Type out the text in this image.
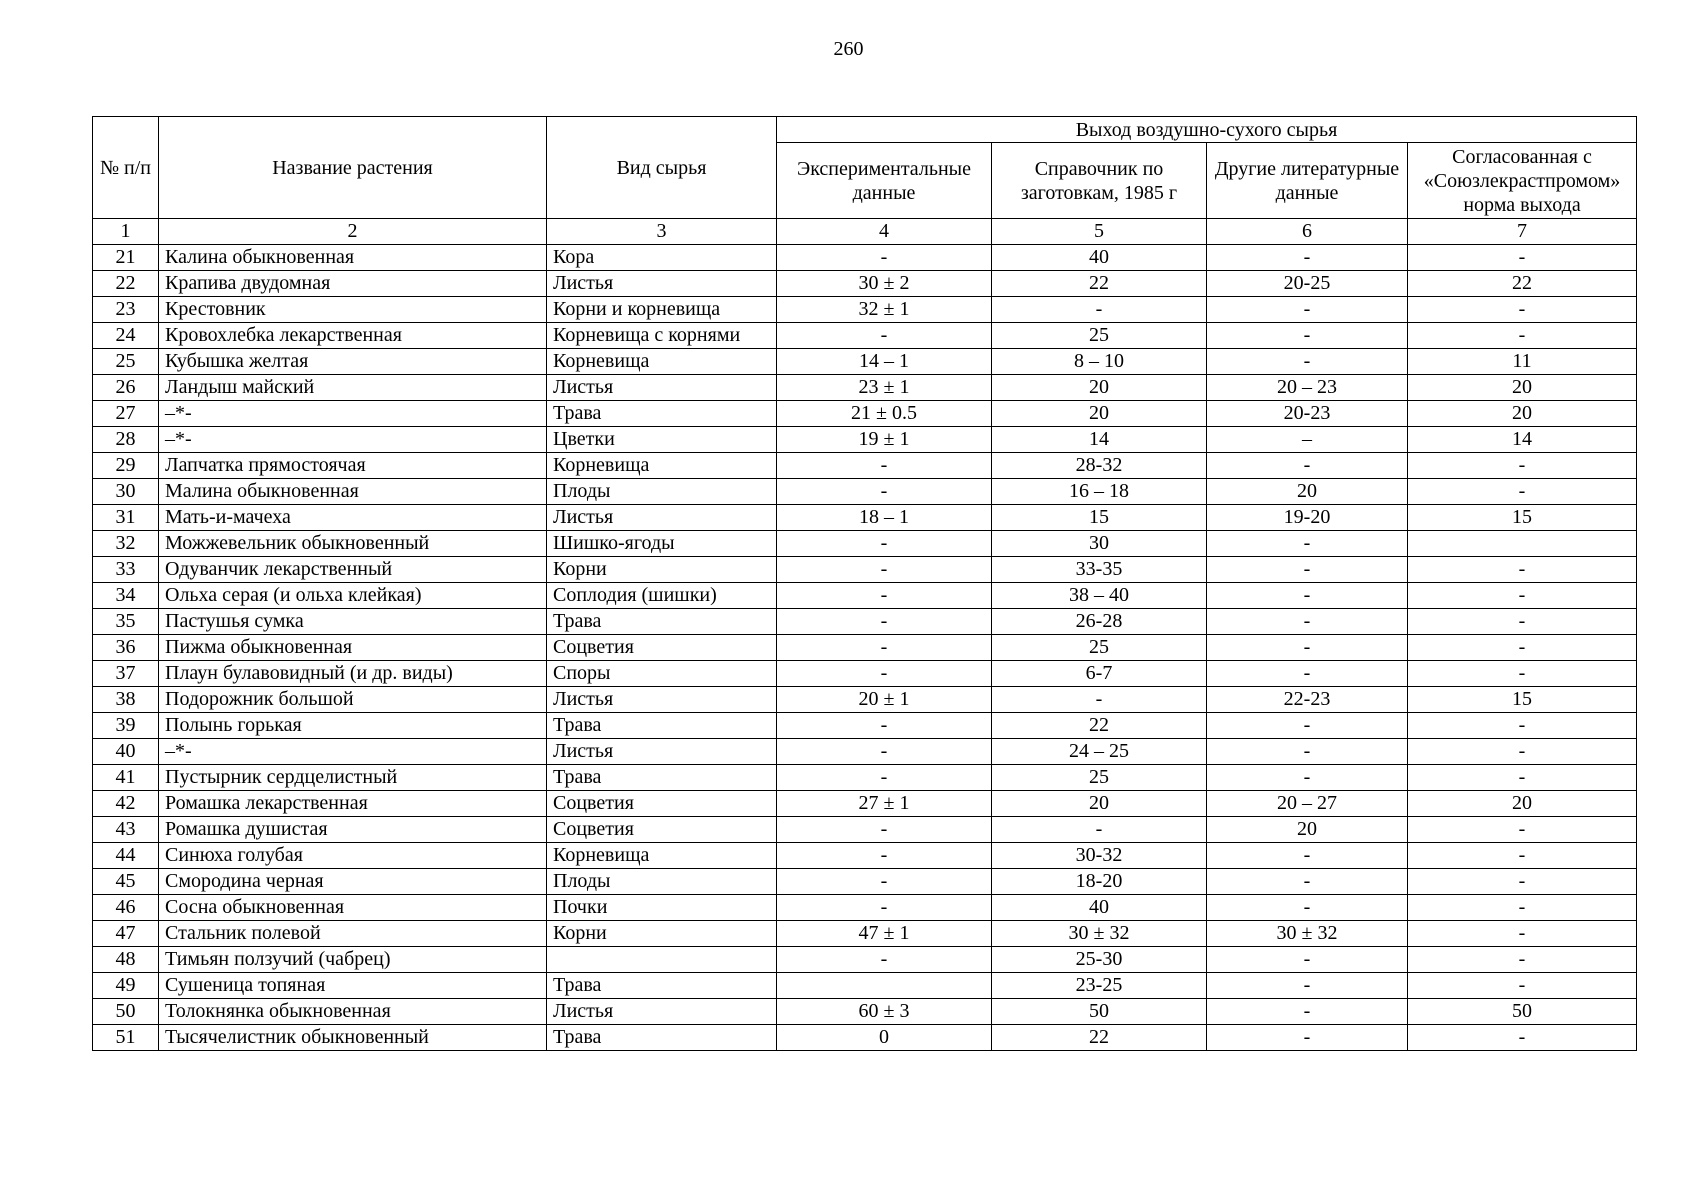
260
№ п/п	Название растения	Вид сырья	Выход воздушно-сухого сырья			
			Экспериментальные данные	Справочник по заготовкам, 1985 г	Другие литературные данные	Согласованная с «Союзлекрастпромом» норма выхода
1	2	3	4	5	6	7
21	Калина обыкновенная	Кора	-	40	-	-
22	Крапива двудомная	Листья	30 ± 2	22	20-25	22
23	Крестовник	Корни и корневища	32 ± 1	-	-	-
24	Кровохлебка лекарственная	Корневища с корнями	-	25	-	-
25	Кубышка желтая	Корневища	14 – 1	8 – 10	-	11
26	Ландыш майский	Листья	23 ± 1	20	20 – 23	20
27	–*-	Трава	21 ± 0.5	20	20-23	20
28	–*-	Цветки	19 ± 1	14	–	14
29	Лапчатка прямостоячая	Корневища	-	28-32	-	-
30	Малина обыкновенная	Плоды	-	16 – 18	20	-
31	Мать-и-мачеха	Листья	18 – 1	15	19-20	15
32	Можжевельник обыкновенный	Шишко-ягоды	-	30	-	
33	Одуванчик лекарственный	Корни	-	33-35	-	-
34	Ольха серая (и ольха клейкая)	Соплодия (шишки)	-	38 – 40	-	-
35	Пастушья сумка	Трава	-	26-28	-	-
36	Пижма обыкновенная	Соцветия	-	25	-	-
37	Плаун булавовидный (и др. виды)	Споры	-	6-7	-	-
38	Подорожник большой	Листья	20 ± 1	-	22-23	15
39	Полынь горькая	Трава	-	22	-	-
40	–*-	Листья	-	24 – 25	-	-
41	Пустырник сердцелистный	Трава	-	25	-	-
42	Ромашка лекарственная	Соцветия	27 ± 1	20	20 – 27	20
43	Ромашка душистая	Соцветия	-	-	20	-
44	Синюха голубая	Корневища	-	30-32	-	-
45	Смородина черная	Плоды	-	18-20	-	-
46	Сосна обыкновенная	Почки	-	40	-	-
47	Стальник полевой	Корни	47 ± 1	30 ± 32	30 ± 32	-
48	Тимьян ползучий (чабрец)		-	25-30	-	-
49	Сушеница топяная	Трава		23-25	-	-
50	Толокнянка обыкновенная	Листья	60 ± 3	50	-	50
51	Тысячелистник обыкновенный	Трава	0	22	-	-
